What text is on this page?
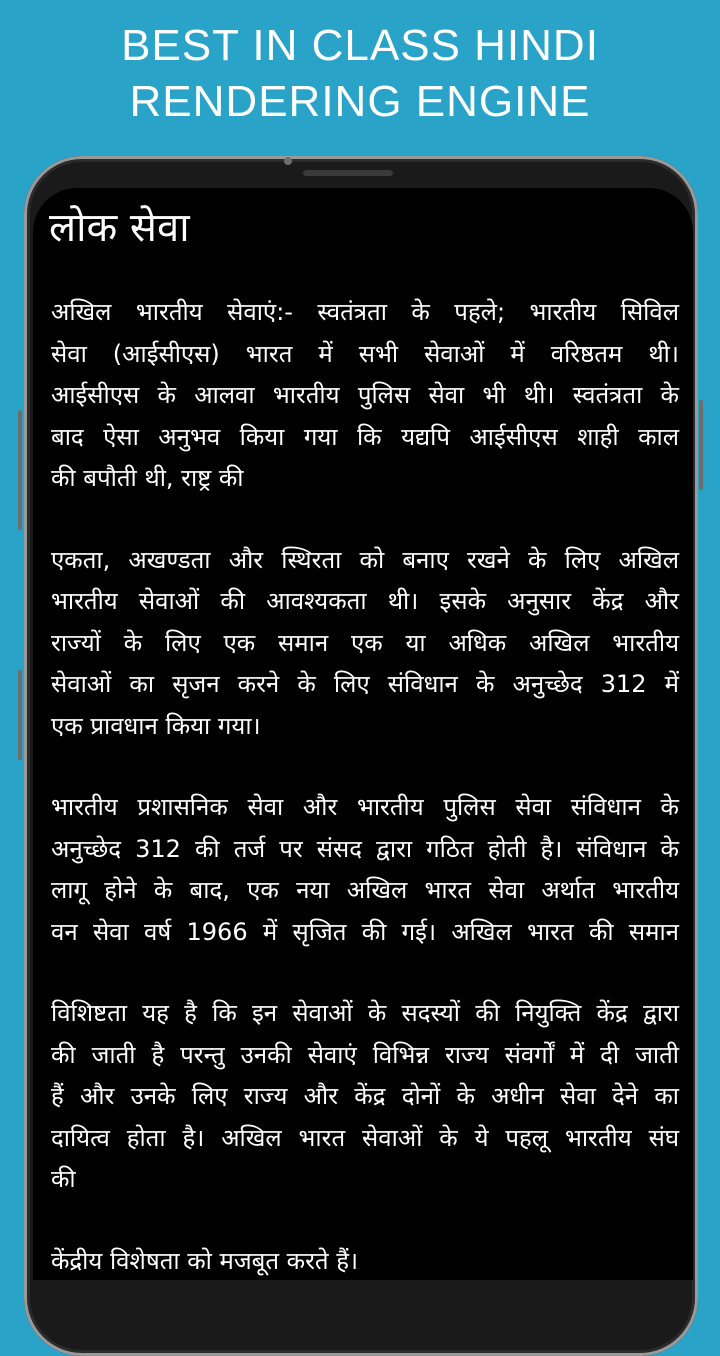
BEST IN CLASS HINDI
RENDERING ENGINE
लोक सेवा
अखिल भारतीय सेवाएं:- स्वतंत्रता के पहले; भारतीय सिविल
सेवा (आईसीएस) भारत में सभी सेवाओं में वरिष्ठतम थी।
आईसीएस के आलवा भारतीय पुलिस सेवा भी थी। स्वतंत्रता के
बाद ऐसा अनुभव किया गया कि यद्यपि आईसीएस शाही काल
की बपौती थी, राष्ट्र की
एकता, अखण्डता और स्थिरता को बनाए रखने के लिए अखिल
भारतीय सेवाओं की आवश्यकता थी। इसके अनुसार केंद्र और
राज्यों के लिए एक समान एक या अधिक अखिल भारतीय
सेवाओं का सृजन करने के लिए संविधान के अनुच्छेद 312 में
एक प्रावधान किया गया।
भारतीय प्रशासनिक सेवा और भारतीय पुलिस सेवा संविधान के
अनुच्छेद 312 की तर्ज पर संसद द्वारा गठित होती है। संविधान के
लागू होने के बाद, एक नया अखिल भारत सेवा अर्थात भारतीय
वन सेवा वर्ष 1966 में सृजित की गई। अखिल भारत की समान
विशिष्टता यह है कि इन सेवाओं के सदस्यों की नियुक्ति केंद्र द्वारा
की जाती है परन्तु उनकी सेवाएं विभिन्न राज्य संवर्गों में दी जाती
हैं और उनके लिए राज्य और केंद्र दोनों के अधीन सेवा देने का
दायित्व होता है। अखिल भारत सेवाओं के ये पहलू भारतीय संघ
की
केंद्रीय विशेषता को मजबूत करते हैं।
